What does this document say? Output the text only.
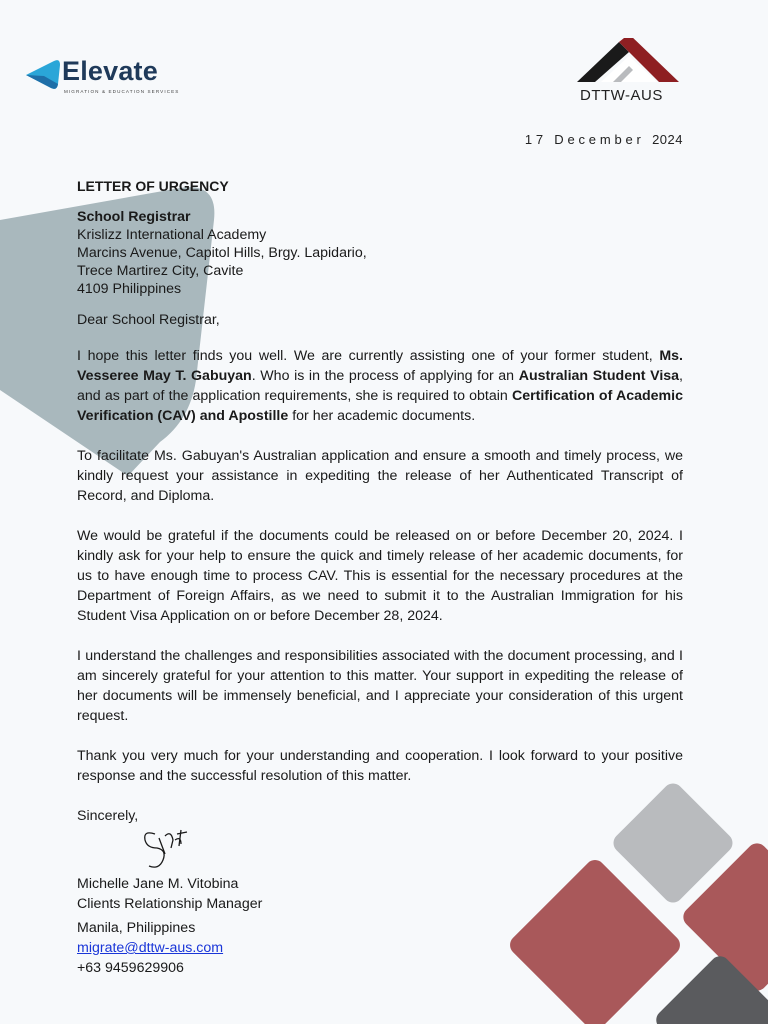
Elevate
MIGRATION & EDUCATION SERVICES	DTTW-AUS
17 December 2024
LETTER OF URGENCY

School Registrar

Krislizz International Academy

Marcins Avenue, Capitol Hills, Brgy. Lapidario,

Trece Martirez City, Cavite

4109 Philippines

Dear School Registrar,

I hope this letter finds you well. We are currently assisting one of your former student, Ms. Vesseree May T. Gabuyan. Who is in the process of applying for an Australian Student Visa, and as part of the application requirements, she is required to obtain Certification of Academic Verification (CAV) and Apostille for her academic documents.

To facilitate Ms. Gabuyan's Australian application and ensure a smooth and timely process, we kindly request your assistance in expediting the release of her Authenticated Transcript of Record, and Diploma.

We would be grateful if the documents could be released on or before December 20, 2024. I kindly ask for your help to ensure the quick and timely release of her academic documents, for us to have enough time to process CAV. This is essential for the necessary procedures at the Department of Foreign Affairs, as we need to submit it to the Australian Immigration for his Student Visa Application on or before December 28, 2024.

I understand the challenges and responsibilities associated with the document processing, and I am sincerely grateful for your attention to this matter. Your support in expediting the release of her documents will be immensely beneficial, and I appreciate your consideration of this urgent request.

Thank you very much for your understanding and cooperation. I look forward to your positive response and the successful resolution of this matter.

Sincerely,

Michelle Jane M. Vitobina

Clients Relationship Manager

Manila, Philippines

migrate@dttw-aus.com

+63 9459629906
